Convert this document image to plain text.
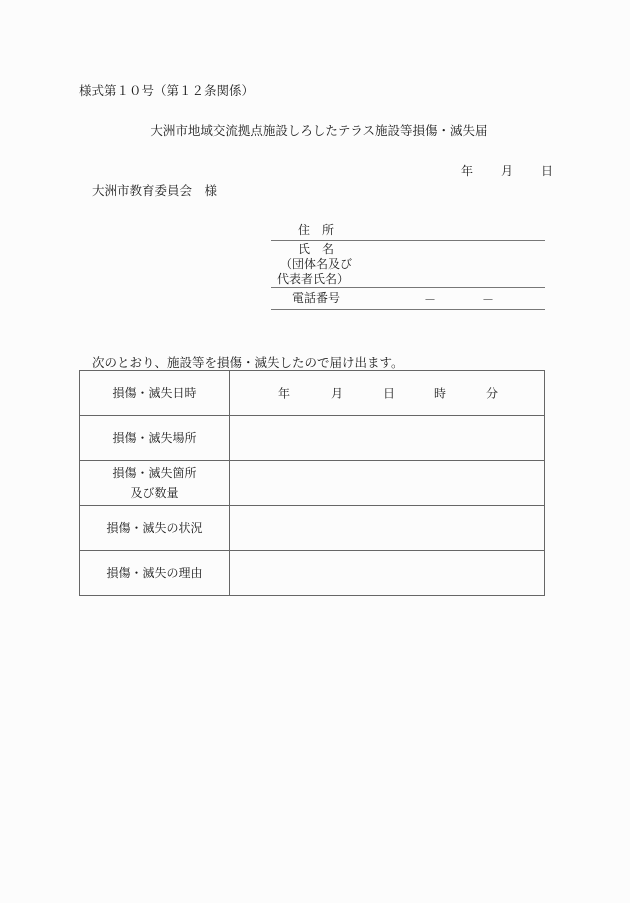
様式第１０号（第１２条関係）
大洲市地域交流拠点施設しろしたテラス施設等損傷・滅失届
年 月 日
大洲市教育委員会　様
住　所
氏　名
（団体名及び
代表者氏名）
電話番号	－	－
次のとおり、施設等を損傷・滅失したので届け出ます。
損傷・滅失日時	年 月 日 時 分

損傷・滅失場所	

損傷・滅失箇所
及び数量	

損傷・滅失の状況	
損傷・滅失の理由	
